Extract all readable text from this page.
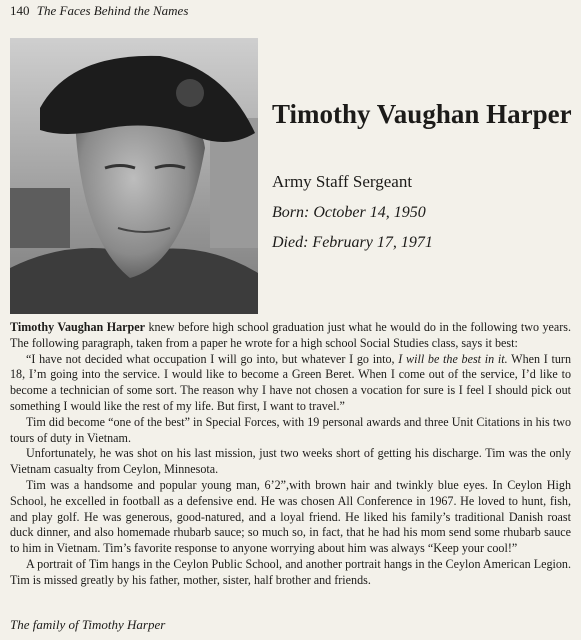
140 The Faces Behind the Names
Timothy Vaughan Harper
Army Staff Sergeant
Born: October 14, 1950
Died: February 17, 1971

Timothy Vaughan Harper knew before high school graduation just what he would do in the following two years. The following paragraph, taken from a paper he wrote for a high school Social Studies class, says it best:

“I have not decided what occupation I will go into, but whatever I go into, I will be the best in it. When I turn 18, I’m going into the service. I would like to become a Green Beret. When I come out of the service, I’d like to become a technician of some sort. The reason why I have not chosen a vocation for sure is I feel I should pick out something I would like the rest of my life. But first, I want to travel.”

Tim did become “one of the best” in Special Forces, with 19 personal awards and three Unit Citations in his two tours of duty in Vietnam.

Unfortunately, he was shot on his last mission, just two weeks short of getting his discharge. Tim was the only Vietnam casualty from Ceylon, Minnesota.

Tim was a handsome and popular young man, 6’2”,with brown hair and twinkly blue eyes. In Ceylon High School, he excelled in football as a defensive end. He was chosen All Conference in 1967. He loved to hunt, fish, and play golf. He was generous, good-natured, and a loyal friend. He liked his family’s traditional Danish roast duck dinner, and also homemade rhubarb sauce; so much so, in fact, that he had his mom send some rhubarb sauce to him in Vietnam. Tim’s favorite response to anyone worrying about him was always “Keep your cool!”

A portrait of Tim hangs in the Ceylon Public School, and another portrait hangs in the Ceylon American Legion. Tim is missed greatly by his father, mother, sister, half brother and friends.

The family of Timothy Harper
